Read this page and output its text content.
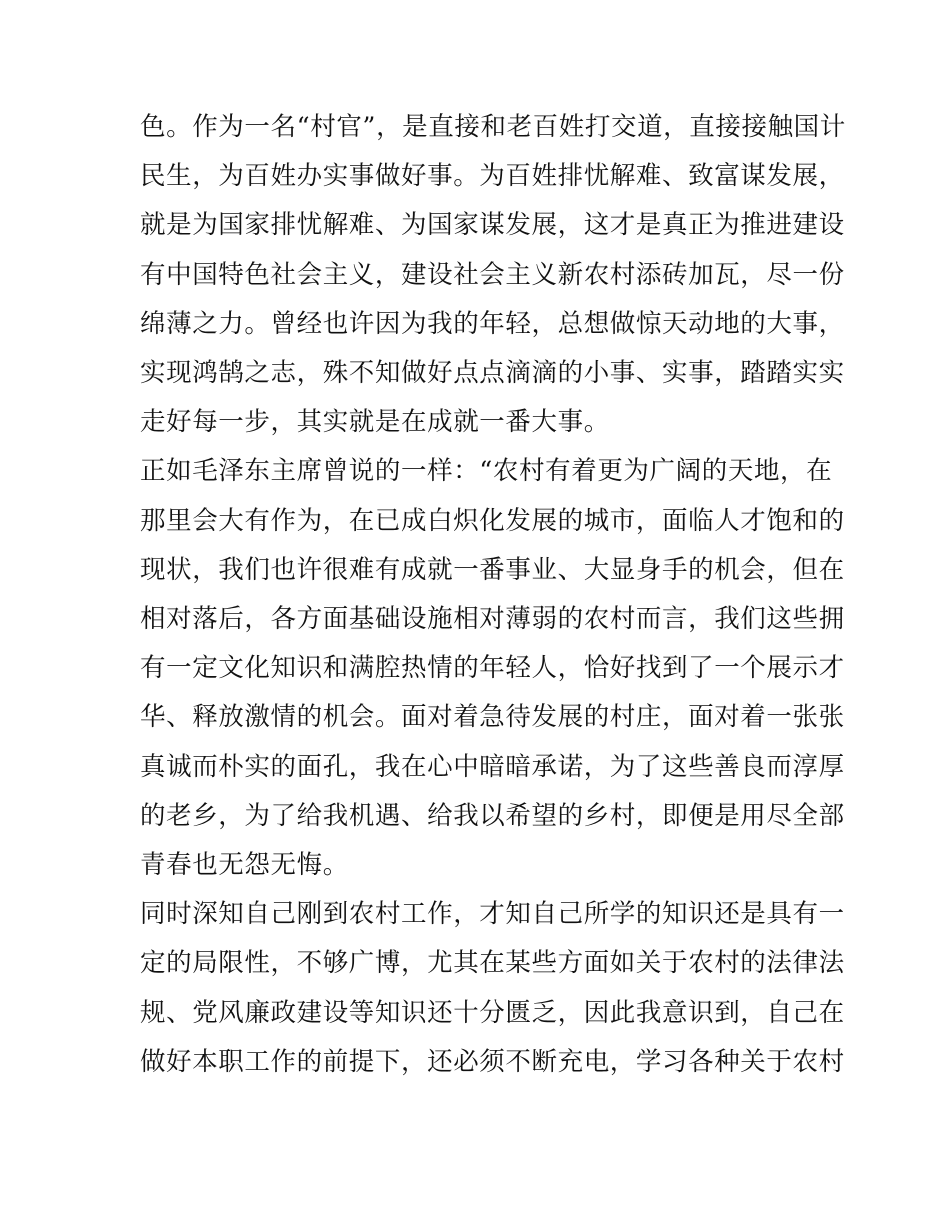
色。作为一名“村官”，是直接和老百姓打交道，直接接触国计
民生，为百姓办实事做好事。为百姓排忧解难、致富谋发展，
就是为国家排忧解难、为国家谋发展，这才是真正为推进建设
有中国特色社会主义，建设社会主义新农村添砖加瓦，尽一份
绵薄之力。曾经也许因为我的年轻，总想做惊天动地的大事，
实现鸿鹄之志，殊不知做好点点滴滴的小事、实事，踏踏实实
走好每一步，其实就是在成就一番大事。

正如毛泽东主席曾说的一样：“农村有着更为广阔的天地，在
那里会大有作为，在已成白炽化发展的城市，面临人才饱和的
现状，我们也许很难有成就一番事业、大显身手的机会，但在
相对落后，各方面基础设施相对薄弱的农村而言，我们这些拥
有一定文化知识和满腔热情的年轻人，恰好找到了一个展示才
华、释放激情的机会。面对着急待发展的村庄，面对着一张张
真诚而朴实的面孔，我在心中暗暗承诺，为了这些善良而淳厚
的老乡，为了给我机遇、给我以希望的乡村，即便是用尽全部
青春也无怨无悔。

同时深知自己刚到农村工作，才知自己所学的知识还是具有一
定的局限性，不够广博，尤其在某些方面如关于农村的法律法
规、党风廉政建设等知识还十分匮乏，因此我意识到，自己在
做好本职工作的前提下，还必须不断充电，学习各种关于农村
